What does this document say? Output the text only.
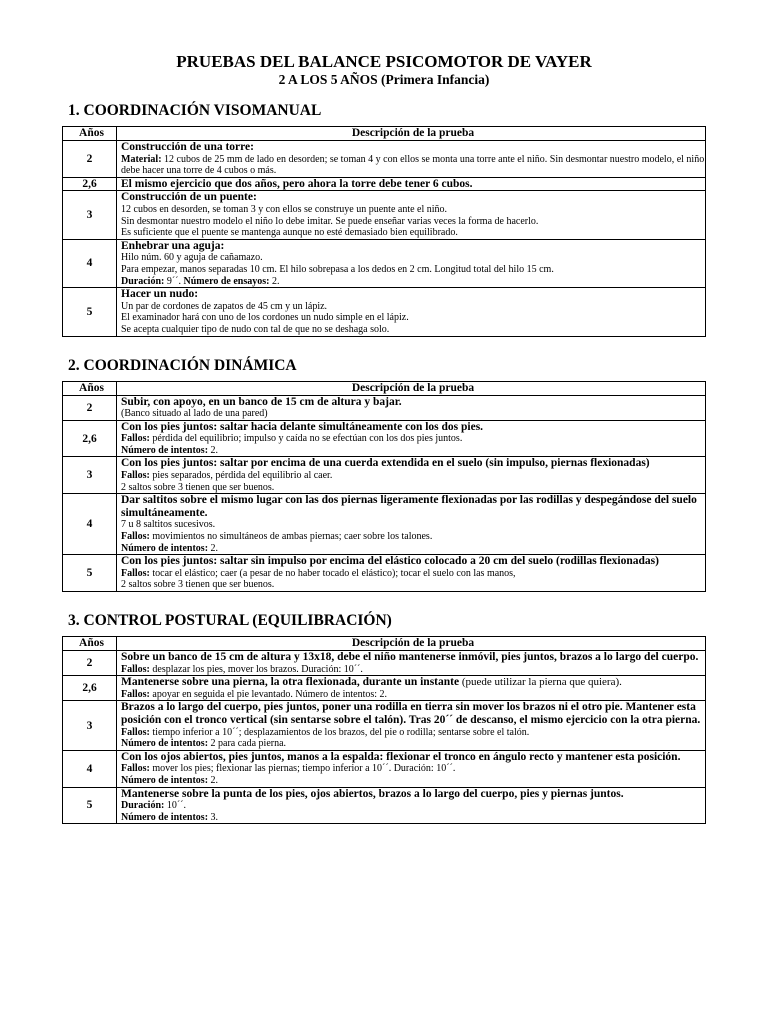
PRUEBAS DEL BALANCE PSICOMOTOR DE VAYER

2 A LOS 5 AÑOS (Primera Infancia)

1. COORDINACIÓN VISOMANUAL
Años	Descripción de la prueba
2	Construcción de una torre:
Material: 12 cubos de 25 mm de lado en desorden; se toman 4 y con ellos se monta una torre ante el niño. Sin desmontar nuestro modelo, el niño debe hacer una torre de 4 cubos o más.

2,6	El mismo ejercicio que dos años, pero ahora la torre debe tener 6 cubos.

3	Construcción de un puente:
12 cubos en desorden, se toman 3 y con ellos se construye un puente ante el niño.
Sin desmontar nuestro modelo el niño lo debe imitar. Se puede enseñar varias veces la forma de hacerlo.
Es suficiente que el puente se mantenga aunque no esté demasiado bien equilibrado.

4	Enhebrar una aguja:
Hilo núm. 60 y aguja de cañamazo.
Para empezar, manos separadas 10 cm. El hilo sobrepasa a los dedos en 2 cm. Longitud total del hilo 15 cm.
Duración: 9´´. Número de ensayos: 2.

5	Hacer un nudo:
Un par de cordones de zapatos de 45 cm y un lápiz.
El examinador hará con uno de los cordones un nudo simple en el lápiz.
Se acepta cualquier tipo de nudo con tal de que no se deshaga solo.
2. COORDINACIÓN DINÁMICA
Años	Descripción de la prueba
2	Subir, con apoyo, en un banco de 15 cm de altura y bajar.
(Banco situado al lado de una pared)

2,6	Con los pies juntos: saltar hacia delante simultáneamente con los dos pies.
Fallos: pérdida del equilibrio; impulso y caída no se efectúan con los dos pies juntos.
Número de intentos: 2.

3	Con los pies juntos: saltar por encima de una cuerda extendida en el suelo (sin impulso, piernas flexionadas)
Fallos: pies separados, pérdida del equilibrio al caer.
2 saltos sobre 3 tienen que ser buenos.

4	Dar saltitos sobre el mismo lugar con las dos piernas ligeramente flexionadas por las rodillas y despegándose del suelo simultáneamente.
7 u 8 saltitos sucesivos.
Fallos: movimientos no simultáneos de ambas piernas; caer sobre los talones.
Número de intentos: 2.

5	Con los pies juntos: saltar sin impulso por encima del elástico colocado a 20 cm del suelo (rodillas flexionadas)
Fallos: tocar el elástico; caer (a pesar de no haber tocado el elástico); tocar el suelo con las manos,
2 saltos sobre 3 tienen que ser buenos.
3. CONTROL POSTURAL (EQUILIBRACIÓN)
Años	Descripción de la prueba
2	Sobre un banco de 15 cm de altura y 13x18, debe el niño mantenerse inmóvil, pies juntos, brazos a lo largo del cuerpo.
Fallos: desplazar los pies, mover los brazos. Duración: 10´´.

2,6	Mantenerse sobre una pierna, la otra flexionada, durante un instante (puede utilizar la pierna que quiera).
Fallos: apoyar en seguida el pie levantado. Número de intentos: 2.

3	Brazos a lo largo del cuerpo, pies juntos, poner una rodilla en tierra sin mover los brazos ni el otro pie. Mantener esta posición con el tronco vertical (sin sentarse sobre el talón). Tras 20´´ de descanso, el mismo ejercicio con la otra pierna.
Fallos: tiempo inferior a 10´´; desplazamientos de los brazos, del pie o rodilla; sentarse sobre el talón.
Número de intentos: 2 para cada pierna.

4	Con los ojos abiertos, pies juntos, manos a la espalda: flexionar el tronco en ángulo recto y mantener esta posición.
Fallos: mover los pies; flexionar las piernas; tiempo inferior a 10´´. Duración: 10´´.
Número de intentos: 2.

5	Mantenerse sobre la punta de los pies, ojos abiertos, brazos a lo largo del cuerpo, pies y piernas juntos.
Duración: 10´´.
Número de intentos: 3.
